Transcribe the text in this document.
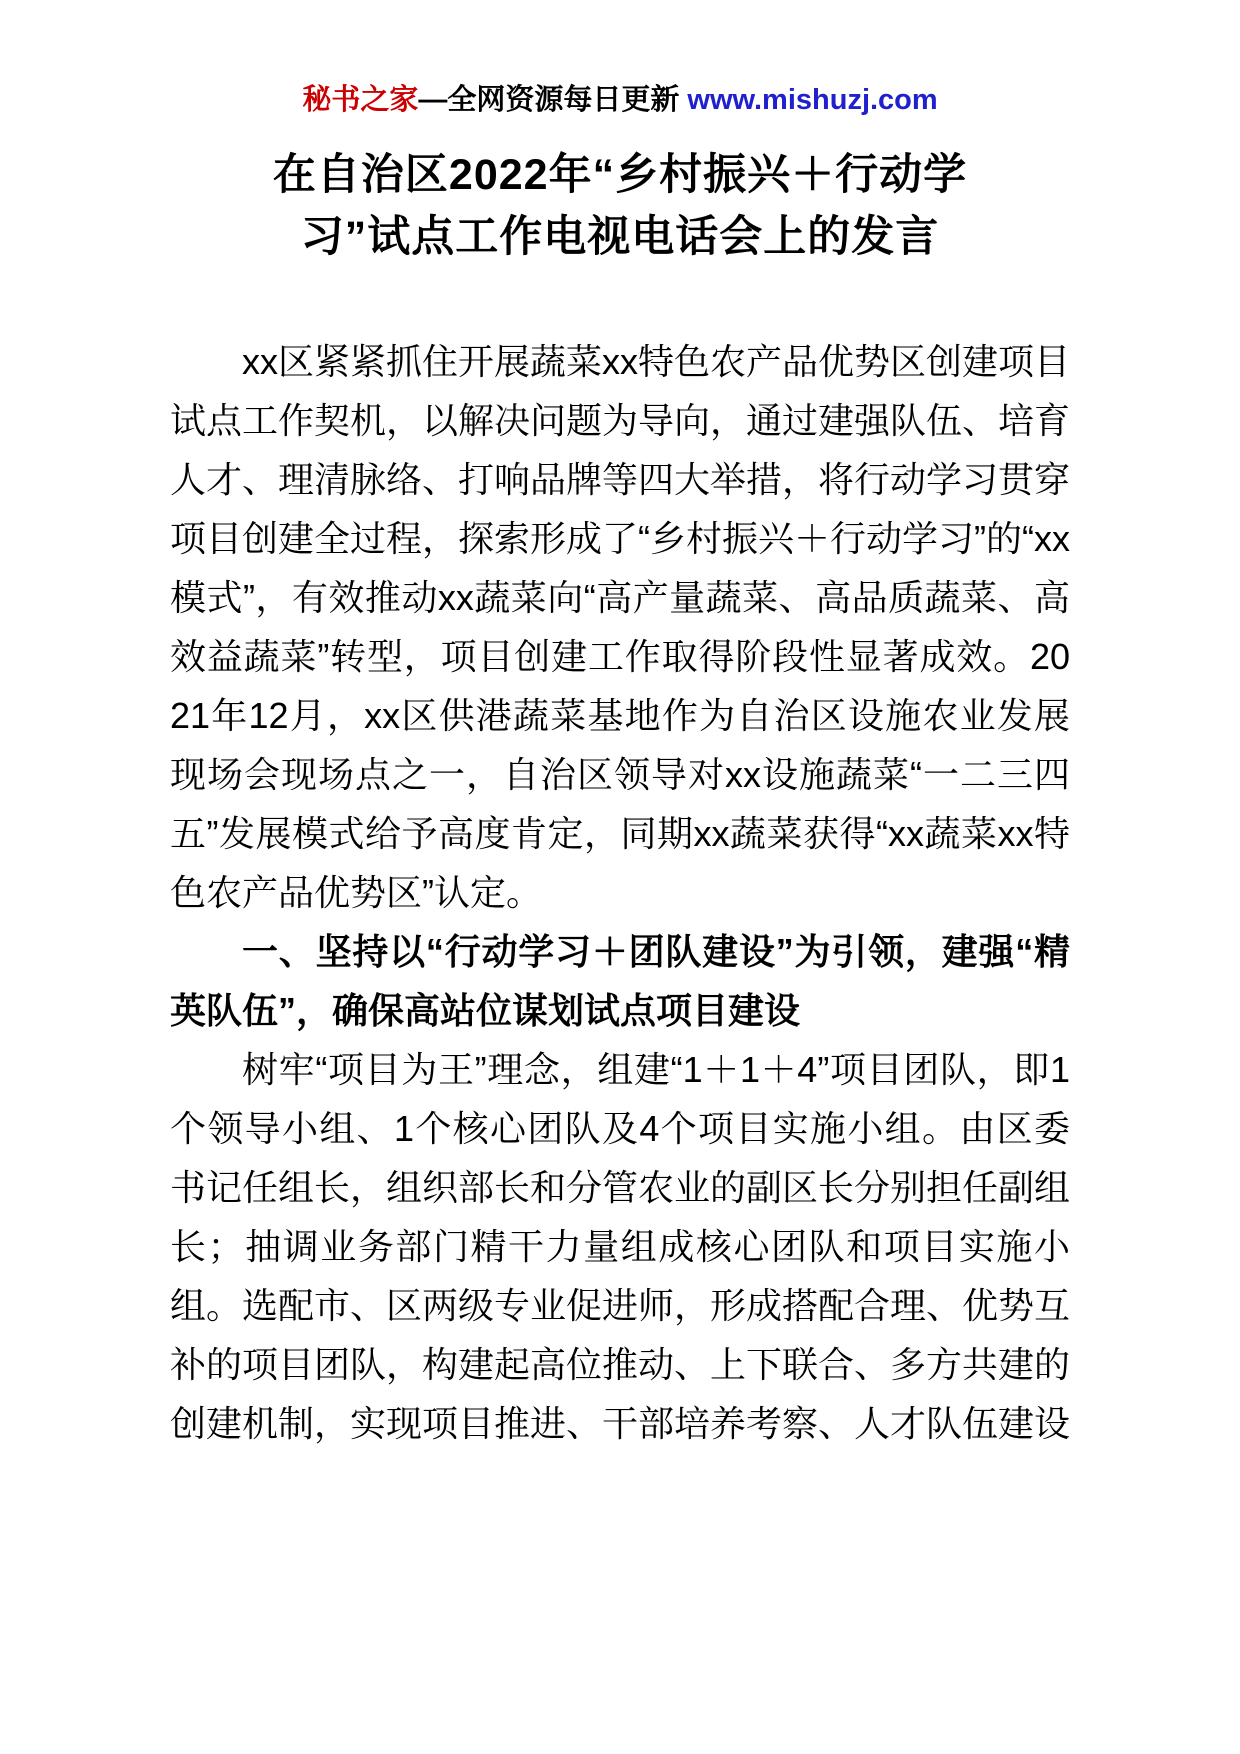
秘书之家—全网资源每日更新 www.mishuzj.com
在自治区2022年“乡村振兴＋行动学
习”试点工作电视电话会上的发言

xx区紧紧抓住开展蔬菜xx特色农产品优势区创建项目试点工作契机，以解决问题为导向，通过建强队伍、培育人才、理清脉络、打响品牌等四大举措，将行动学习贯穿项目创建全过程，探索形成了“乡村振兴＋行动学习”的“xx模式”，有效推动xx蔬菜向“高产量蔬菜、高品质蔬菜、高效益蔬菜”转型，项目创建工作取得阶段性显著成效。2021年12月，xx区供港蔬菜基地作为自治区设施农业发展现场会现场点之一，自治区领导对xx设施蔬菜“一二三四五”发展模式给予高度肯定，同期xx蔬菜获得“xx蔬菜xx特色农产品优势区”认定。

一、坚持以“行动学习＋团队建设”为引领，建强“精英队伍”，确保高站位谋划试点项目建设

树牢“项目为王”理念，组建“1＋1＋4”项目团队，即1个领导小组、1个核心团队及4个项目实施小组。由区委书记任组长，组织部长和分管农业的副区长分别担任副组长；抽调业务部门精干力量组成核心团队和项目实施小组。选配市、区两级专业促进师，形成搭配合理、优势互补的项目团队，构建起高位推动、上下联合、多方共建的创建机制，实现项目推进、干部培养考察、人才队伍建设
